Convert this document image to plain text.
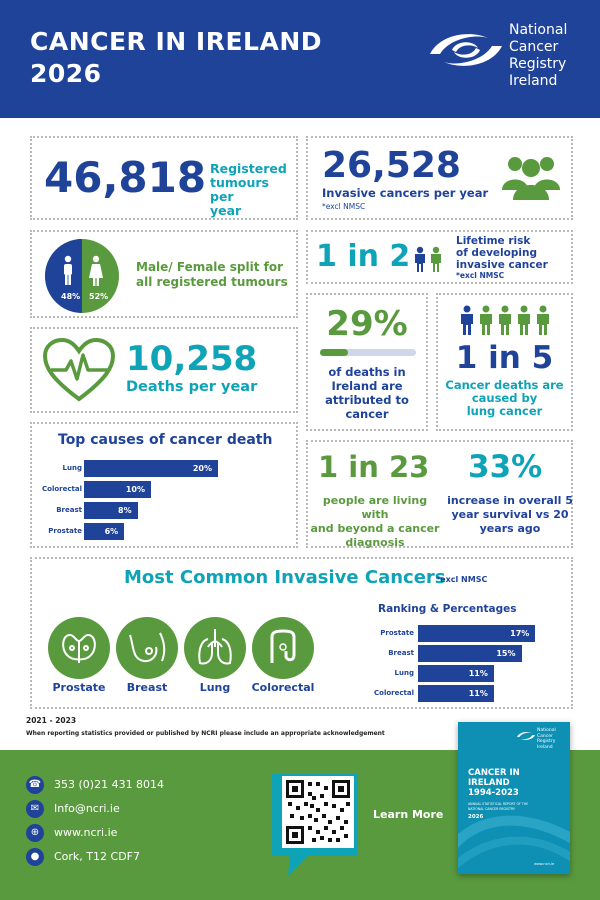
CANCER IN IRELAND
2026
National
Cancer
Registry
Ireland
46,818 Registered
tumours per
year
26,528
Invasive cancers per year
*excl NMSC
48% 52%
Male/ Female split for
all registered tumours
1 in 2	Lifetime risk
of developing
invasive cancer
*excl NMSC
29%
of deaths in
Ireland are
attributed to
cancer
1 in 5
Cancer deaths are
caused by
lung cancer
10,258
Deaths per year
Top causes of cancer death
Lung	20%
Colorectal	10%
Breast	8%
Prostate	6%
1 in 23
people are living with
and beyond a cancer
diagnosis
33%
increase in overall 5
year survival vs 20
years ago
Most Common Invasive Cancers
*excl NMSC
Prostate	Breast	Lung	Colorectal
Ranking & Percentages
Prostate	17%
Breast	15%
Lung	11%
Colorectal	11%
2021 - 2023
When reporting statistics provided or published by NCRI please include an appropriate acknowledgement
☎ 353 (0)21 431 8014
✉	Info@ncri.ie
⊕	www.ncri.ie
●	Cork, T12 CDF7
Learn More
National
Cancer
Registry
Ireland
CANCER IN
IRELAND
1994-2023
ANNUAL STATISTICAL REPORT OF THE
NATIONAL CANCER REGISTRY
2026
www.ncri.ie
